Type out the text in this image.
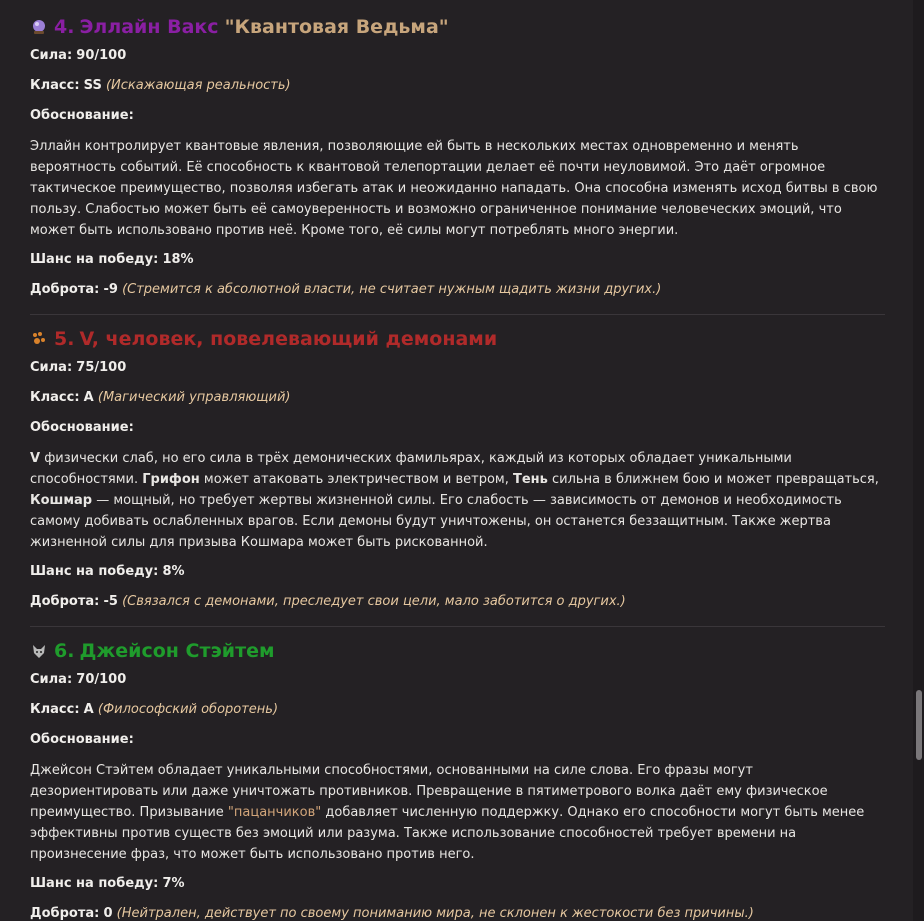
4. Эллайн Вакс "Квантовая Ведьма"
Сила: 90/100
Класс: SS (Искажающая реальность)
Обоснование:
Эллайн контролирует квантовые явления, позволяющие ей быть в нескольких местах одновременно и менять вероятность событий. Её способность к квантовой телепортации делает её почти неуловимой. Это даёт огромное тактическое преимущество, позволяя избегать атак и неожиданно нападать. Она способна изменять исход битвы в свою пользу. Слабостью может быть её самоуверенность и возможно ограниченное понимание человеческих эмоций, что может быть использовано против неё. Кроме того, её силы могут потреблять много энергии.
Шанс на победу: 18%
Доброта: -9 (Стремится к абсолютной власти, не считает нужным щадить жизни других.)
5. V, человек, повелевающий демонами
Сила: 75/100
Класс: A (Магический управляющий)
Обоснование:
V физически слаб, но его сила в трёх демонических фамильярах, каждый из которых обладает уникальными способностями. Грифон может атаковать электричеством и ветром, Тень сильна в ближнем бою и может превращаться, Кошмар — мощный, но требует жертвы жизненной силы. Его слабость — зависимость от демонов и необходимость самому добивать ослабленных врагов. Если демоны будут уничтожены, он останется беззащитным. Также жертва жизненной силы для призыва Кошмара может быть рискованной.
Шанс на победу: 8%
Доброта: -5 (Связался с демонами, преследует свои цели, мало заботится о других.)
6. Джейсон Стэйтем
Сила: 70/100
Класс: A (Философский оборотень)
Обоснование:
Джейсон Стэйтем обладает уникальными способностями, основанными на силе слова. Его фразы могут дезориентировать или даже уничтожать противников. Превращение в пятиметрового волка даёт ему физическое преимущество. Призывание "пацанчиков" добавляет численную поддержку. Однако его способности могут быть менее эффективны против существ без эмоций или разума. Также использование способностей требует времени на произнесение фраз, что может быть использовано против него.
Шанс на победу: 7%
Доброта: 0 (Нейтрален, действует по своему пониманию мира, не склонен к жестокости без причины.)
